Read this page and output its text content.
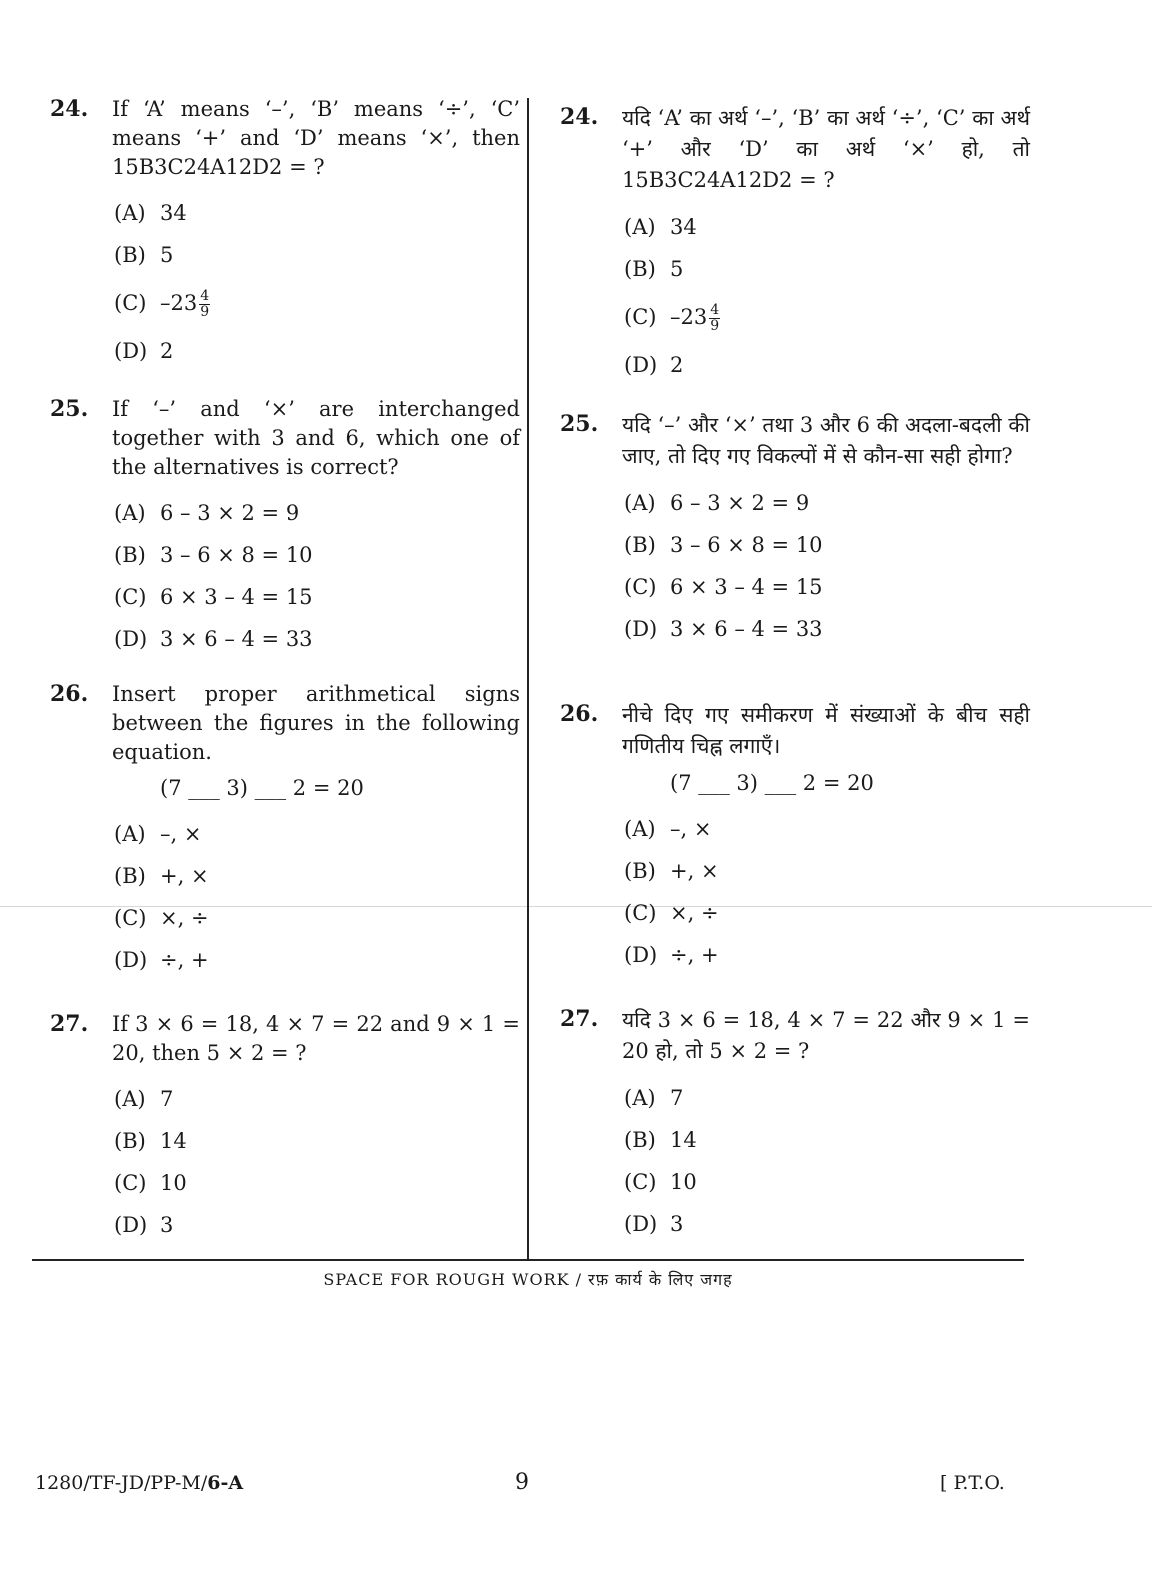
24.	If ‘A’ means ‘–’, ‘B’ means ‘÷’, ‘C’ means ‘+’ and ‘D’ means ‘×’, then 15B3C24A12D2 = ?
(A) 34
(B) 5
(C) $-23 \frac{4}{9}$
(D) 2
25.	If ‘–’ and ‘×’ are interchanged together with 3 and 6, which one of the alternatives is correct?
(A) 6 – 3 × 2 = 9
(B) 3 – 6 × 8 = 10
(C) 6 × 3 – 4 = 15
(D) 3 × 6 – 4 = 33
26.	Insert proper arithmetical signs between the figures in the following equation.
(7 ___ 3) ___ 2 = 20
(A) –, ×
(B) +, ×
(C) ×, ÷
(D) ÷, +
27.	If 3 × 6 = 18, 4 × 7 = 22 and 9 × 1 = 20, then 5 × 2 = ?
(A) 7
(B) 14
(C) 10
(D) 3
24.	यदि ‘A’ का अर्थ ‘–’, ‘B’ का अर्थ ‘÷’, ‘C’ का अर्थ ‘+’ और ‘D’ का अर्थ ‘×’ हो, तो 15B3C24A12D2 = ?
(A) 34
(B) 5
(C) $-23 \frac{4}{9}$
(D) 2
25.	यदि ‘–’ और ‘×’ तथा 3 और 6 की अदला-बदली की जाए, तो दिए गए विकल्पों में से कौन-सा सही होगा?
(A) 6 – 3 × 2 = 9
(B) 3 – 6 × 8 = 10
(C) 6 × 3 – 4 = 15
(D) 3 × 6 – 4 = 33
26.	नीचे दिए गए समीकरण में संख्याओं के बीच सही गणितीय चिह्न लगाएँ।
(7 ___ 3) ___ 2 = 20
(A) –, ×
(B) +, ×
(C) ×, ÷
(D) ÷, +
27.	यदि 3 × 6 = 18, 4 × 7 = 22 और 9 × 1 = 20 हो, तो 5 × 2 = ?
(A) 7
(B) 14
(C) 10
(D) 3
SPACE FOR ROUGH WORK / रफ़ कार्य के लिए जगह
1280/TF-JD/PP-M/6-A	9	[ P.T.O.
